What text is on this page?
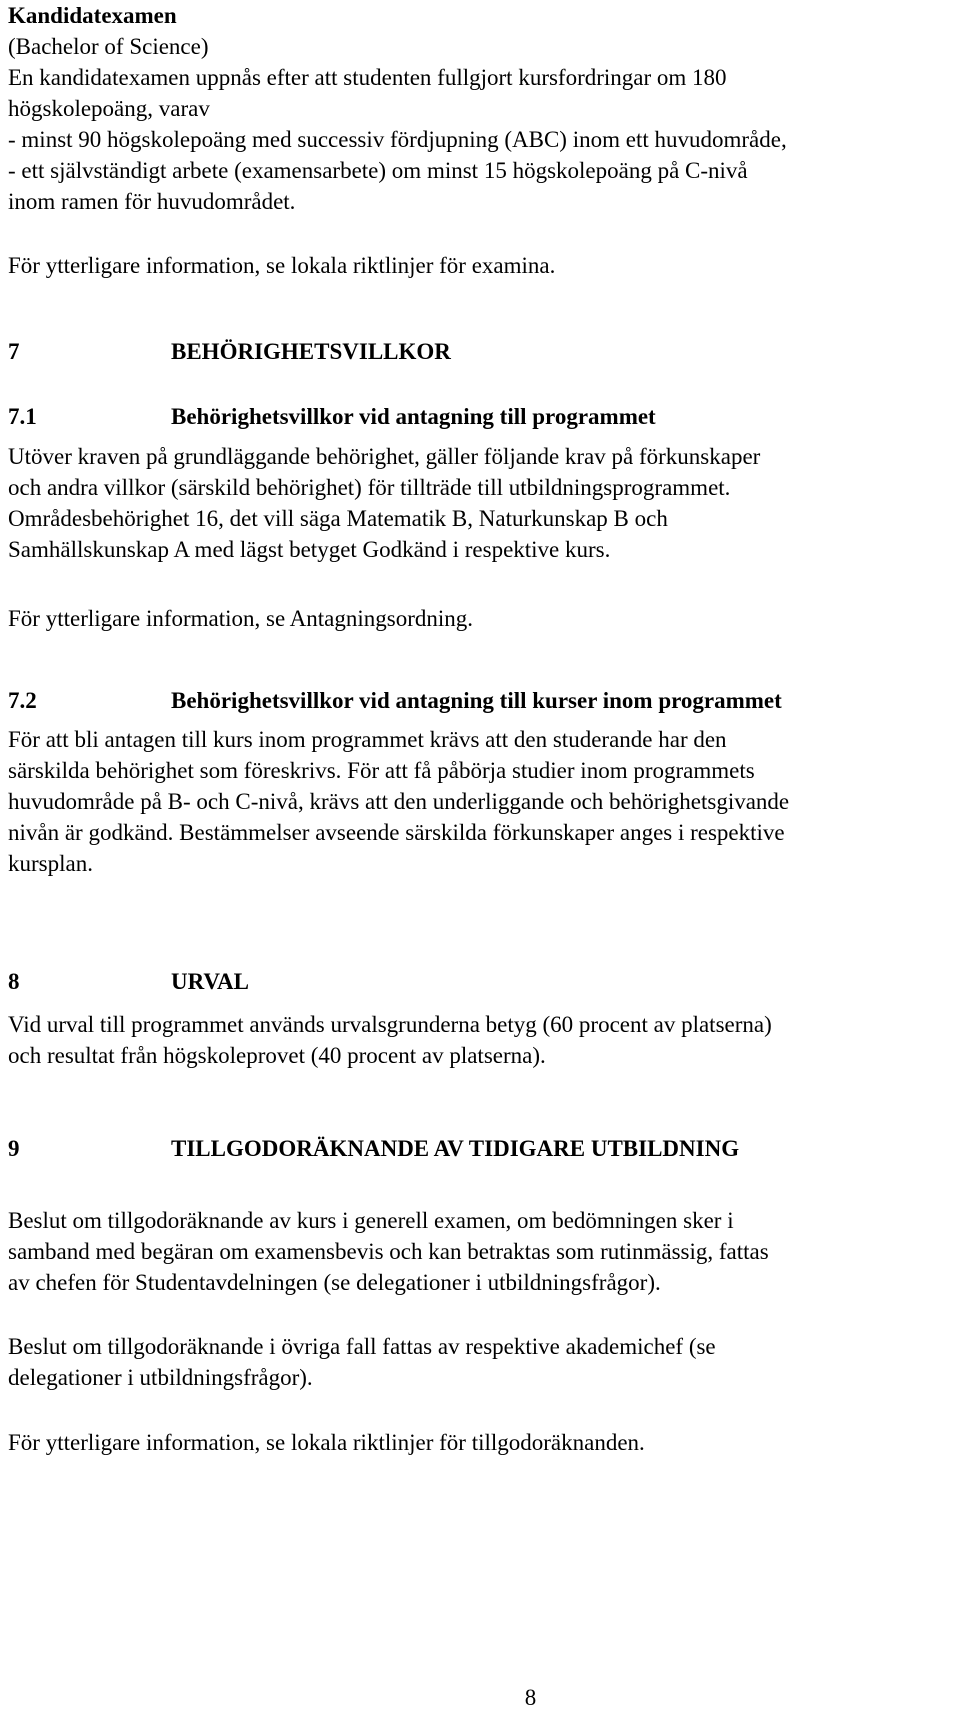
Kandidatexamen
(Bachelor of Science)
En kandidatexamen uppnås efter att studenten fullgjort kursfordringar om 180
högskolepoäng, varav
- minst 90 högskolepoäng med successiv fördjupning (ABC) inom ett huvudområde,
- ett självständigt arbete (examensarbete) om minst 15 högskolepoäng på C-nivå
inom ramen för huvudområdet.
För ytterligare information, se lokala riktlinjer för examina.
7	BEHÖRIGHETSVILLKOR
7.1	Behörighetsvillkor vid antagning till programmet
Utöver kraven på grundläggande behörighet, gäller följande krav på förkunskaper
och andra villkor (särskild behörighet) för tillträde till utbildningsprogrammet.
Områdesbehörighet 16, det vill säga Matematik B, Naturkunskap B och
Samhällskunskap A med lägst betyget Godkänd i respektive kurs.
För ytterligare information, se Antagningsordning.
7.2	Behörighetsvillkor vid antagning till kurser inom programmet
För att bli antagen till kurs inom programmet krävs att den studerande har den
särskilda behörighet som föreskrivs. För att få påbörja studier inom programmets
huvudområde på B- och C-nivå, krävs att den underliggande och behörighetsgivande
nivån är godkänd. Bestämmelser avseende särskilda förkunskaper anges i respektive
kursplan.
8	URVAL
Vid urval till programmet används urvalsgrunderna betyg (60 procent av platserna)
och resultat från högskoleprovet (40 procent av platserna).
9	TILLGODORÄKNANDE AV TIDIGARE UTBILDNING
Beslut om tillgodoräknande av kurs i generell examen, om bedömningen sker i
samband med begäran om examensbevis och kan betraktas som rutinmässig, fattas
av chefen för Studentavdelningen (se delegationer i utbildningsfrågor).
Beslut om tillgodoräknande i övriga fall fattas av respektive akademichef (se
delegationer i utbildningsfrågor).
För ytterligare information, se lokala riktlinjer för tillgodoräknanden.
8
